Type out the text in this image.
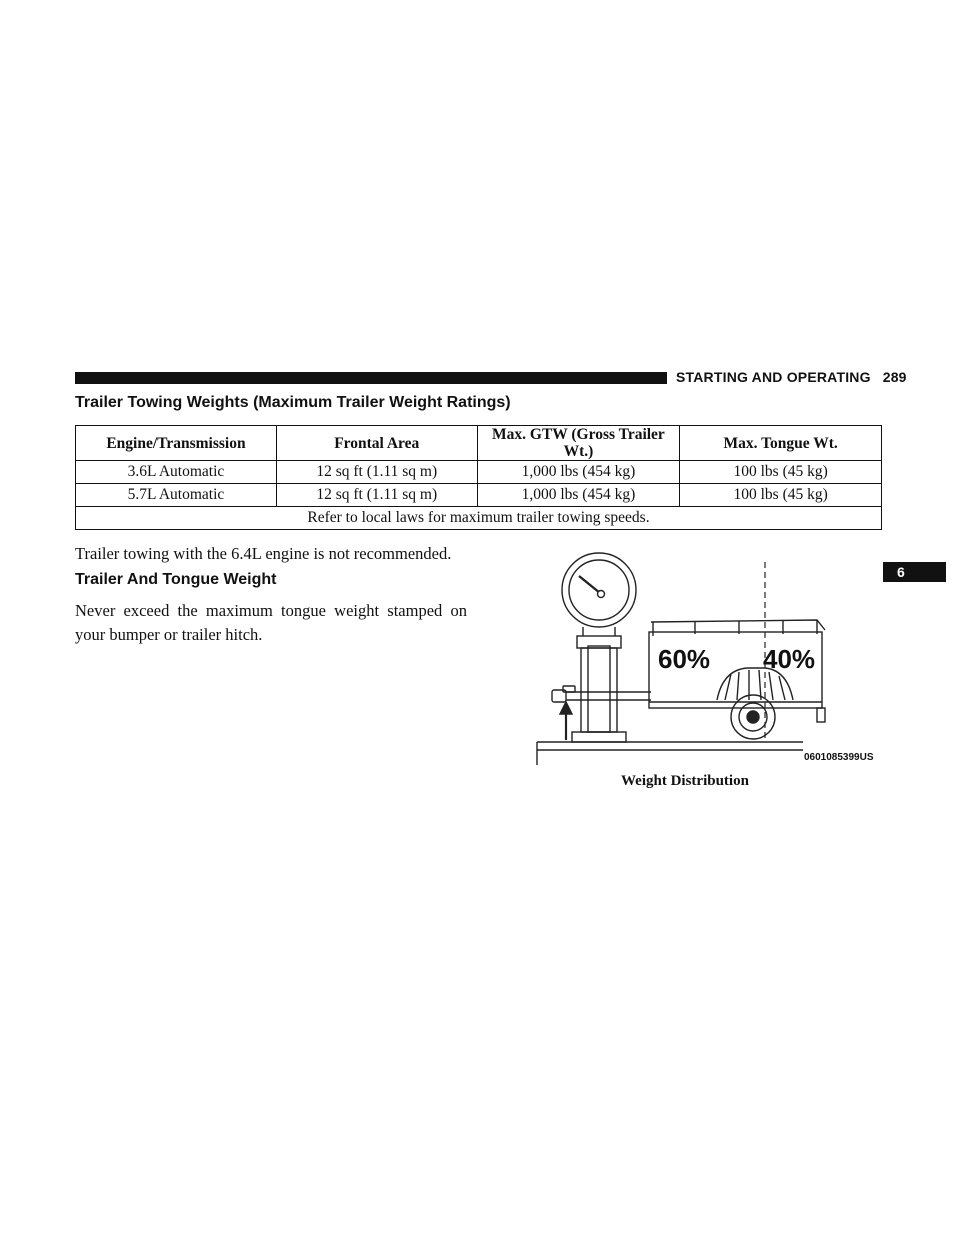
STARTING AND OPERATING 289
Trailer Towing Weights (Maximum Trailer Weight Ratings)
Engine/Transmission	Frontal Area	Max. GTW (Gross Trailer Wt.)	Max. Tongue Wt.
3.6L Automatic	12 sq ft (1.11 sq m)	1,000 lbs (454 kg)	100 lbs (45 kg)
5.7L Automatic	12 sq ft (1.11 sq m)	1,000 lbs (454 kg)	100 lbs (45 kg)
Refer to local laws for maximum trailer towing speeds.			
Trailer towing with the 6.4L engine is not recommended.
Trailer And Tongue Weight
Never exceed the maximum tongue weight stamped on your bumper or trailer hitch.
6
60% 40%
0601085399US
Weight Distribution
